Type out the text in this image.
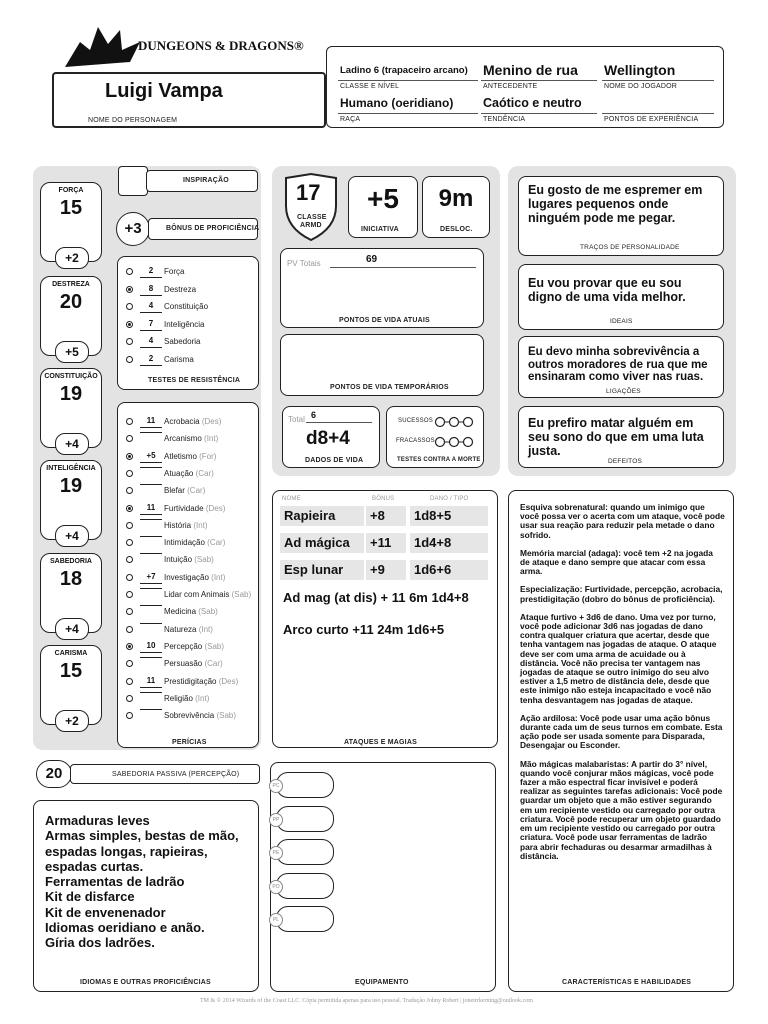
DUNGEONS & DRAGONS®
Luigi Vampa
NOME DO PERSONAGEM
Ladino 6 (trapaceiro arcano)
CLASSE E NÍVEL
Menino de rua
ANTECEDENTE
Wellington
NOME DO JOGADOR
Humano (oeridiano)
RAÇA
Caótico e neutro
TENDÊNCIA	PONTOS DE EXPERIÊNCIA
FORÇA
15
+2
DESTREZA
20
+5
CONSTITUIÇÃO
19
+4
INTELIGÊNCIA
19
+4
SABEDORIA
18
+4
CARISMA
15
+2
INSPIRAÇÃO
+3	BÔNUS DE PROFICIÊNCIA
2	Força
8	Destreza
4	Constituição
7	Inteligência
4	Sabedoria
2	Carisma
TESTES DE RESISTÊNCIA
11	Acrobacia (Des)
Arcanismo (Int)
+5	Atletismo (For)
Atuação (Car)
Blefar (Car)
11	Furtividade (Des)
História (Int)
Intimidação (Car)
Intuição (Sab)
+7	Investigação (Int)
Lidar com Animais (Sab)
Medicina (Sab)
Natureza (Int)
10	Percepção (Sab)
Persuasão (Car)
11	Prestidigitação (Des)
Religião (Int)
Sobrevivência (Sab)
PERÍCIAS
20	SABEDORIA PASSIVA (PERCEPÇÃO)
Armaduras leves
Armas simples, bestas de mão,
espadas longas, rapieiras,
espadas curtas.
Ferramentas de ladrão
Kit de disfarce
Kit de envenenador
Idiomas oeridiano e anão.
Gíria dos ladrões.
IDIOMAS E OUTRAS PROFICIÊNCIAS
17
CLASSE
ARMD
+5
INICIATIVA
9m
DESLOC.
PV Totais	69
PONTOS DE VIDA ATUAIS
PONTOS DE VIDA TEMPORÁRIOS
Total 6
d8+4
DADOS DE VIDA
SUCESSOS
FRACASSOS
TESTES CONTRA A MORTE
NOME	BÔNUS	DANO / TIPO
Rapieira	+8	1d8+5
Ad mágica	+11	1d4+8
Esp lunar	+9	1d6+6
Ad mag (at dis) + 11 6m 1d4+8
Arco curto +11 24m 1d6+5
ATAQUES E MAGIAS
PC
PP
PE
PO
PL
EQUIPAMENTO
Eu gosto de me espremer em lugares pequenos onde ninguém pode me pegar.
TRAÇOS DE PERSONALIDADE
Eu vou provar que eu sou digno de uma vida melhor.
IDEAIS
Eu devo minha sobrevivência a outros moradores de rua que me ensinaram como viver nas ruas.
LIGAÇÕES
Eu prefiro matar alguém em seu sono do que em uma luta justa.
DEFEITOS

Esquiva sobrenatural: quando um inimigo que você possa ver o acerta com um ataque, você pode usar sua reação para reduzir pela metade o dano sofrido.

Memória marcial (adaga): você tem +2 na jogada de ataque e dano sempre que atacar com essa arma.

Especialização: Furtividade, percepção, acrobacia, prestidigitação (dobro do bônus de proficiência).

Ataque furtivo + 3d6 de dano. Uma vez por turno, você pode adicionar 3d6 nas jogadas de dano contra qualquer criatura que acertar, desde que tenha vantagem nas jogadas de ataque. O ataque deve ser com uma arma de acuidade ou à distância. Você não precisa ter vantagem nas jogadas de ataque se outro inimigo do seu alvo estiver a 1,5 metro de distância dele, desde que este inimigo não esteja incapacitado e você não tenha desvantagem nas jogadas de ataque.

Ação ardilosa: Você pode usar uma ação bônus durante cada um de seus turnos em combate. Esta ação pode ser usada somente para Disparada, Desengajar ou Esconder.

Mão mágicas malabaristas: A partir do 3° nível, quando você conjurar mãos mágicas, você pode fazer a mão espectral ficar invisível e poderá realizar as seguintes tarefas adicionais: Você pode guardar um objeto que a mão estiver segurando em um recipiente vestido ou carregado por outra criatura. Você pode recuperar um objeto guardado em um recipiente vestido ou carregado por outra criatura. Você pode usar ferramentas de ladrão para abrir fechaduras ou desarmar armadilhas à distância.

CARACTERÍSTICAS E HABILIDADES
TM & © 2014 Wizards of the Coast LLC. Cópia permitida apenas para uso pessoal. Tradução Johny Robert | jonetrrkerning@outlook.com
